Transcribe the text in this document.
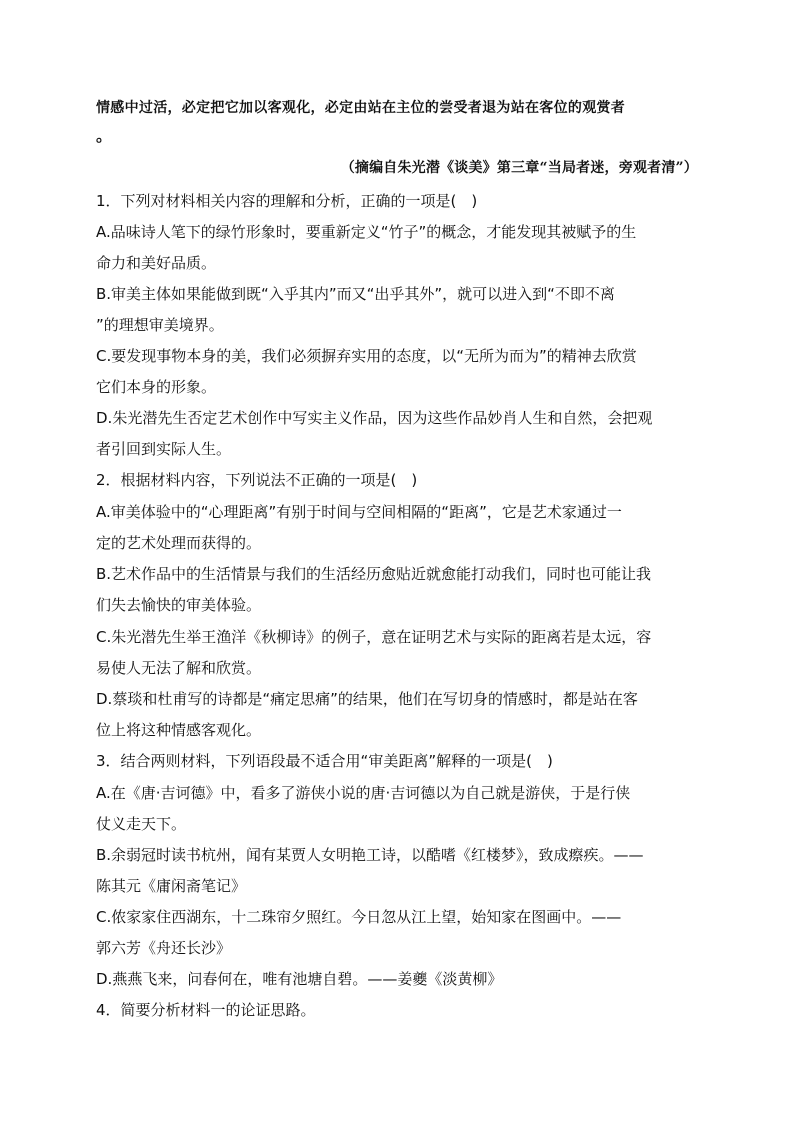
情感中过活，必定把它加以客观化，必定由站在主位的尝受者退为站在客位的观赏者
。
（摘编自朱光潜《谈美》第三章“当局者迷，旁观者清”）
1．下列对材料相关内容的理解和分析，正确的一项是(　)
A.品味诗人笔下的绿竹形象时，要重新定义“竹子”的概念，才能发现其被赋予的生
命力和美好品质。
B.审美主体如果能做到既“入乎其内”而又“出乎其外”，就可以进入到“不即不离
”的理想审美境界。
C.要发现事物本身的美，我们必须摒弃实用的态度，以“无所为而为”的精神去欣赏
它们本身的形象。
D.朱光潜先生否定艺术创作中写实主义作品，因为这些作品妙肖人生和自然，会把观
者引回到实际人生。
2．根据材料内容，下列说法不正确的一项是(　)
A.审美体验中的“心理距离”有别于时间与空间相隔的“距离”，它是艺术家通过一
定的艺术处理而获得的。
B.艺术作品中的生活情景与我们的生活经历愈贴近就愈能打动我们，同时也可能让我
们失去愉快的审美体验。
C.朱光潜先生举王渔洋《秋柳诗》的例子，意在证明艺术与实际的距离若是太远，容
易使人无法了解和欣赏。
D.蔡琰和杜甫写的诗都是“痛定思痛”的结果，他们在写切身的情感时，都是站在客
位上将这种情感客观化。
3．结合两则材料，下列语段最不适合用“审美距离”解释的一项是(　)
A.在《唐·吉诃德》中，看多了游侠小说的唐·吉诃德以为自己就是游侠，于是行侠
仗义走天下。
B.余弱冠时读书杭州，闻有某贾人女明艳工诗，以酷嗜《红楼梦》，致成瘵疾。——
陈其元《庸闲斋笔记》
C.侬家家住西湖东，十二珠帘夕照红。今日忽从江上望，始知家在图画中。——
郭六芳《舟还长沙》
D.燕燕飞来，问春何在，唯有池塘自碧。——姜夔《淡黄柳》
4．简要分析材料一的论证思路。
